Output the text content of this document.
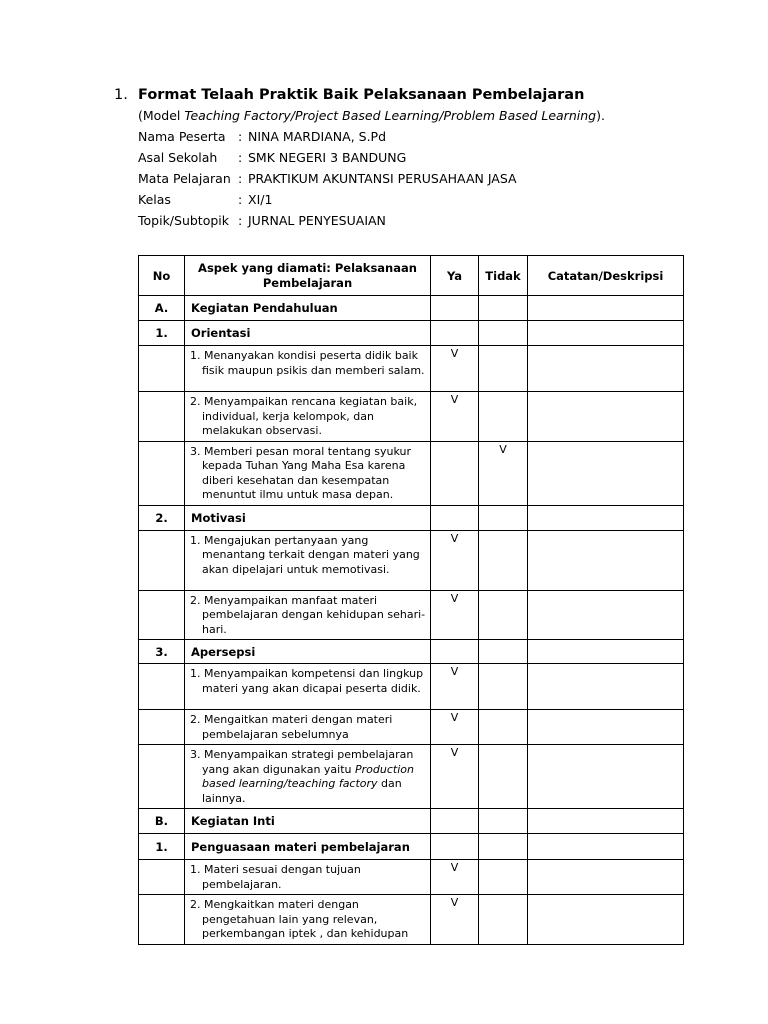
1. Format Telaah Praktik Baik Pelaksanaan Pembelajaran
(Model Teaching Factory/Project Based Learning/Problem Based Learning).
Nama Peserta : NINA MARDIANA, S.Pd
Asal Sekolah : SMK NEGERI 3 BANDUNG
Mata Pelajaran : PRAKTIKUM AKUNTANSI PERUSAHAAN JASA
Kelas	: XI/1
Topik/Subtopik : JURNAL PENYESUAIAN
No	Aspek yang diamati: Pelaksanaan Pembelajaran	Ya	Tidak	Catatan/Deskripsi
A.	Kegiatan Pendahuluan			
1.	Orientasi			

	1. Menanyakan kondisi peserta didik baik fisik maupun psikis dan memberi salam.	V		

	2. Menyampaikan rencana kegiatan baik, individual, kerja kelompok, dan melakukan observasi.	V		

	3. Memberi pesan moral tentang syukur kepada Tuhan Yang Maha Esa karena diberi kesehatan dan kesempatan menuntut ilmu untuk masa depan.		V	
2.	Motivasi			

	1. Mengajukan pertanyaan yang menantang terkait dengan materi yang akan dipelajari untuk memotivasi.	V		

	2. Menyampaikan manfaat materi pembelajaran dengan kehidupan sehari-hari.	V		
3.	Apersepsi			

	1. Menyampaikan kompetensi dan lingkup materi yang akan dicapai peserta didik.	V		

	2. Mengaitkan materi dengan materi pembelajaran sebelumnya	V		

	3. Menyampaikan strategi pembelajaran yang akan digunakan yaitu Production based learning/teaching factory dan lainnya.	V		
B.	Kegiatan Inti			
1.	Penguasaan materi pembelajaran			

	1. Materi sesuai dengan tujuan pembelajaran.	V		

	2. Mengkaitkan materi dengan pengetahuan lain yang relevan, perkembangan iptek , dan kehidupan	V		
